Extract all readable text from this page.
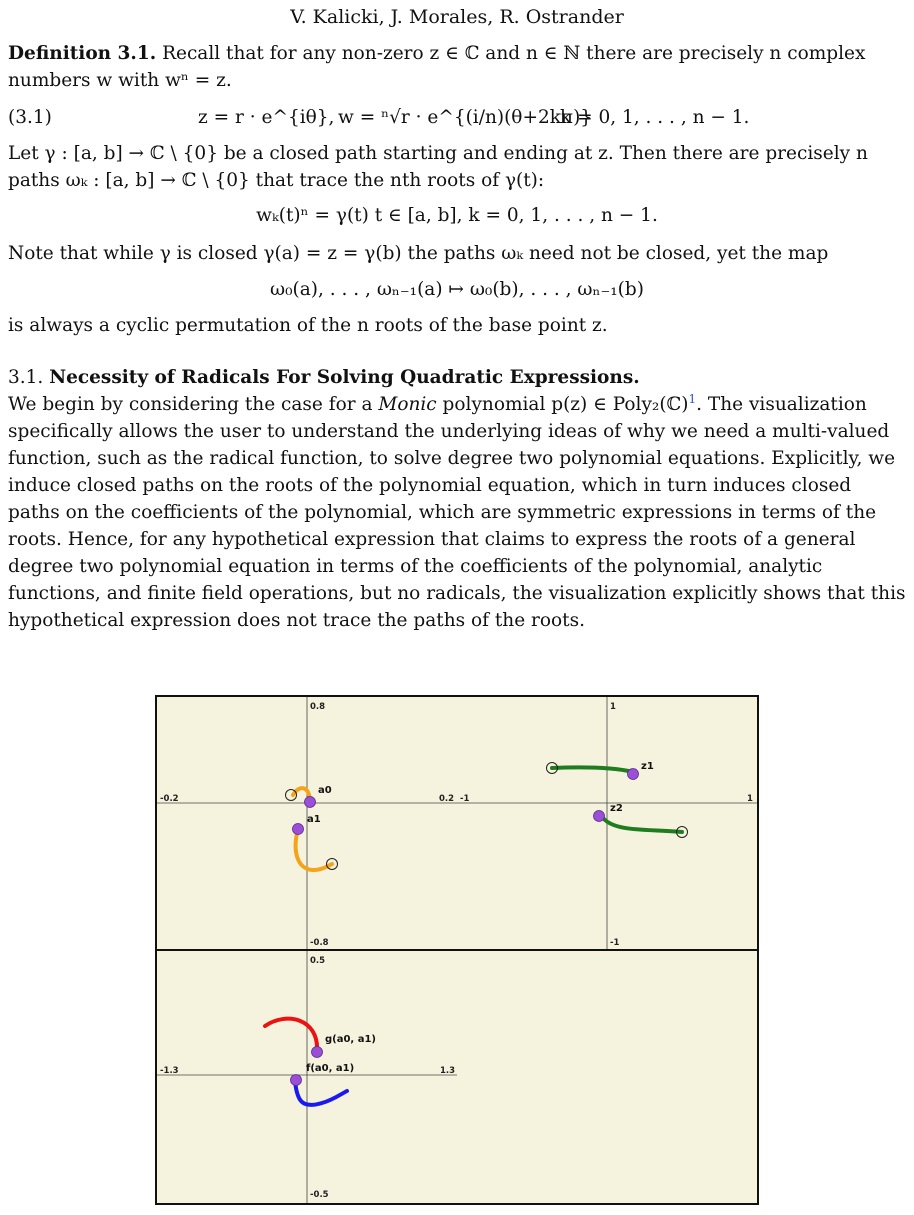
V. Kalicki, J. Morales, R. Ostrander
Definition 3.1. Recall that for any non-zero z ∈ ℂ and n ∈ ℕ there are precisely n complex numbers w with wⁿ = z.
(3.1)	z = r · e^{iθ}, w = ⁿ√r · e^{(i/n)(θ+2kπ)}
k = 0, 1, . . . , n − 1.
Let γ : [a, b] → ℂ \ {0} be a closed path starting and ending at z. Then there are precisely n paths ωₖ : [a, b] → ℂ \ {0} that trace the nth roots of γ(t):
wₖ(t)ⁿ = γ(t) t ∈ [a, b], k = 0, 1, . . . , n − 1.
Note that while γ is closed γ(a) = z = γ(b) the paths ωₖ need not be closed, yet the map
ω₀(a), . . . , ωₙ₋₁(a) ↦ ω₀(b), . . . , ωₙ₋₁(b)
is always a cyclic permutation of the n roots of the base point z.
3.1. Necessity of Radicals For Solving Quadratic Expressions.
We begin by considering the case for a Monic polynomial p(z) ∈ Poly₂(ℂ)$^1$. The visualization specifically allows the user to understand the underlying ideas of why we need a multi-valued function, such as the radical function, to solve degree two polynomial equations. Explicitly, we induce closed paths on the roots of the polynomial equation, which in turn induces closed paths on the coefficients of the polynomial, which are symmetric expressions in terms of the roots. Hence, for any hypothetical expression that claims to express the roots of a general degree two polynomial equation in terms of the coefficients of the polynomial, analytic functions, and finite field operations, but no radicals, the visualization explicitly shows that this hypothetical expression does not trace the paths of the roots.
0.8
-0.8
-0.2	0.2
a0
a1
1
-1
-1	1
z1
z2
0.5
-0.5
-1.3	1.3
g(a0, a1)
f(a0, a1)
